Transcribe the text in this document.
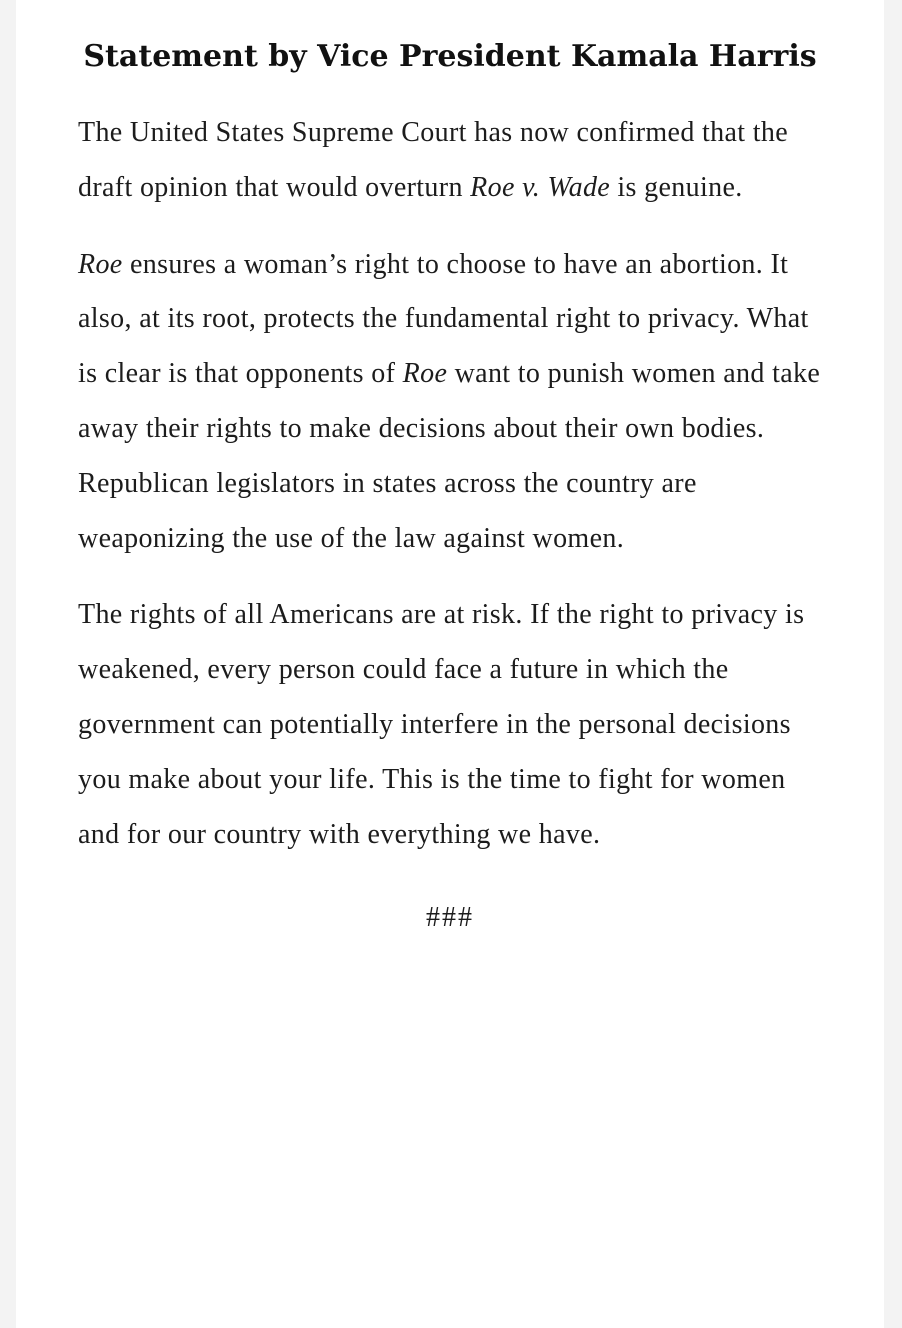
Statement by Vice President Kamala Harris

The United States Supreme Court has now confirmed that the draft opinion that would overturn Roe v. Wade is genuine.

Roe ensures a woman’s right to choose to have an abortion. It also, at its root, protects the fundamental right to privacy. What is clear is that opponents of Roe want to punish women and take away their rights to make decisions about their own bodies. Republican legislators in states across the country are weaponizing the use of the law against women.

The rights of all Americans are at risk. If the right to privacy is weakened, every person could face a future in which the government can potentially interfere in the personal decisions you make about your life. This is the time to fight for women and for our country with everything we have.

###
